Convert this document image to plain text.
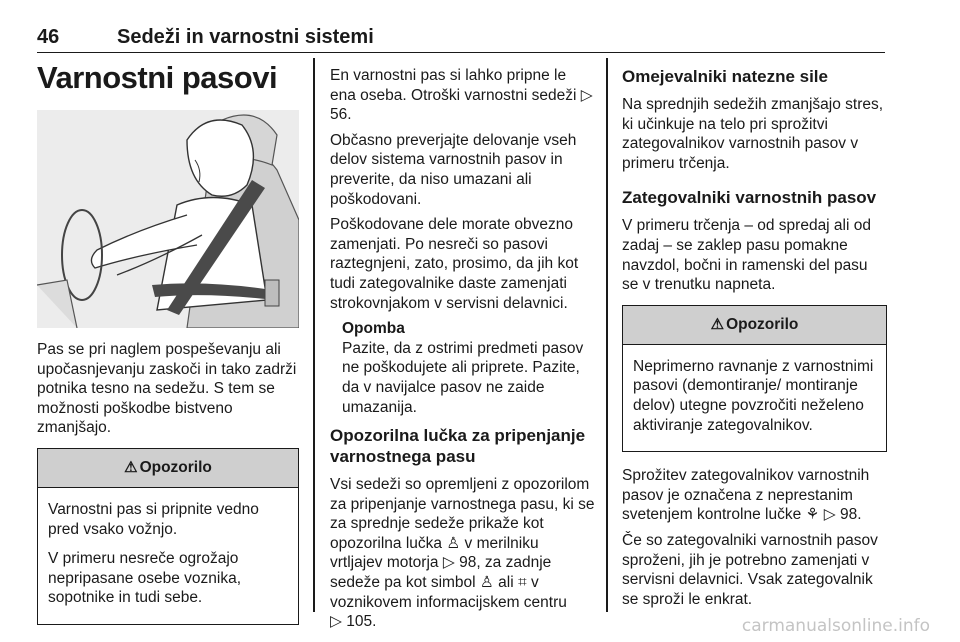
46	Sedeži in varnostni sistemi
Varnostni pasovi

Pas se pri naglem pospeševanju ali upočasnjevanju zaskoči in tako zadrži potnika tesno na sedežu. S tem se možnosti poškodbe bistveno zmanjšajo.

⚠ Opozorilo

Varnostni pas si pripnite vedno pred vsako vožnjo.

V primeru nesreče ogrožajo nepripasane osebe voznika, sopotnike in tudi sebe.

En varnostni pas si lahko pripne le ena oseba. Otroški varnostni sedeži ▷ 56.

Občasno preverjajte delovanje vseh delov sistema varnostnih pasov in preverite, da niso umazani ali poškodovani.

Poškodovane dele morate obvezno zamenjati. Po nesreči so pasovi raztegnjeni, zato, prosimo, da jih kot tudi zategovalnike daste zamenjati strokovnjakom v servisni delavnici.

Opomba

Pazite, da z ostrimi predmeti pasov ne poškodujete ali priprete. Pazite, da v navijalce pasov ne zaide umazanija.

Opozorilna lučka za pripenjanje varnostnega pasu

Vsi sedeži so opremljeni z opozorilom za pripenjanje varnostnega pasu, ki se za sprednje sedeže prikaže kot opozorilna lučka ♙ v merilniku vrtljajev motorja ▷ 98, za zadnje sedeže pa kot simbol ♙ ali ⌗ v voznikovem informacijskem centru
▷ 105.

Omejevalniki natezne sile

Na sprednjih sedežih zmanjšajo stres, ki učinkuje na telo pri sprožitvi zategovalnikov varnostnih pasov v primeru trčenja.

Zategovalniki varnostnih pasov

V primeru trčenja – od spredaj ali od zadaj – se zaklep pasu pomakne navzdol, bočni in ramenski del pasu se v trenutku napneta.

⚠ Opozorilo

Neprimerno ravnanje z varnostnimi pasovi (demontiranje/ montiranje delov) utegne povzročiti neželeno aktiviranje zategovalnikov.

Sprožitev zategovalnikov varnostnih pasov je označena z neprestanim svetenjem kontrolne lučke ⚘ ▷ 98.

Če so zategovalniki varnostnih pasov sproženi, jih je potrebno zamenjati v servisni delavnici. Vsak zategovalnik se sproži le enkrat.

carmanualsonline.info
